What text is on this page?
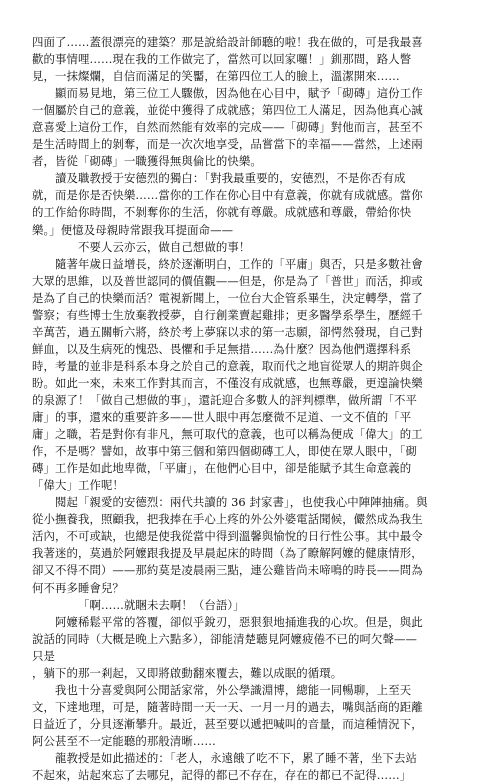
四面了……蓋很漂亮的建築？那是說給設計師聽的啦！我在做的，可是我最喜
歡的事情哩……現在我的工作做完了，當然可以回家囉！」釧那間，路人瞥
見，一抹燦爛，自信而滿足的笑靨，在第四位工人的臉上，溫潔開來……
顯而易見地，第三位工人驟傲，因為他在心目中，賦予「砌磚」這份工作
一個屬於自己的意義，並從中獲得了成就感；第四位工人滿足，因為他真心誠
意喜愛上這份工作，自然而然能有效率的完成——「砌磚」對他而言，甚至不
是生活時間上的剝奪，而是一次次地享受，品嘗當下的幸福——當然，上述兩
者，皆從「砌磚」一職獲得無與倫比的快樂。
讀及職教授于安德烈的獨白：「對我最重要的，安德烈，不是你否有成
就，而是你是否快樂……當你的工作在你心目中有意義，你就有成就感。當你
的工作給你時間，不剝奪你的生活，你就有尊嚴。成就感和尊嚴，帶給你快
樂。」便憶及母親時常跟我耳提面命——
不要人云亦云，做自己想做的事！
隨著年歲日益增長，終於逐漸明白，工作的「平庸」與否，只是多數社會
大眾的思維，以及普世認同的價值觀——但是，你是為了「普世」而活，抑或
是為了自己的快樂而活？電視新聞上，一位台大企管系畢生，決定轉學，當了
警察；有些博士生放棄教授夢，自行創業賣起雞排；更多醫學系學生，歷經千
辛萬苦，過五關斬六將，終於考上夢寐以求的第一志願，卻愕然發現，自己對
鮮血，以及生病死的愧恐、畏懼和手足無措……為什麼？因為他們選擇科系
時，考量的並非是科系本身之於自己的意義，取而代之地盲從眾人的期許與企
盼。如此一來，未來工作對其而言，不僅沒有成就感，也無尊嚴，更遑論快樂
的泉源了！「做自己想做的事」，還託迎合多數人的評判標準，做所謂「不平
庸」的事，還來的重要許多——世人眼中再怎麼微不足道、一文不值的「平
庸」之職，若是對你有非凡，無可取代的意義，也可以稱為便成「偉大」的工
作，不是嗎？譬如，故事中第三個和第四個砌磚工人，即使在眾人眼中，「砌
磚」工作是如此地卑微，「平庸」，在他們心目中，卻是能賦予其生命意義的
「偉大」工作呢！
閱起「親愛的安德烈：兩代共讀的 36 封家書」，也使我心中陣陣抽痛。與
從小撫養我，照顧我，把我捧在手心上疼的外公外婆電話聞候，儼然成為我生
活內，不可或缺，也總是使我從當中得到溫馨與愉悅的日行性公事。其中最令
我著迷的，莫過於阿嬤跟我提及早晨起床的時間（為了瞭解阿嬤的健康情形，
卻又不得不問）——那約莫是凌晨兩三點，連公雞皆尚未啼鳴的時長——問為
何不再多睡會兒？
「啊……就睏未去啊！（台語）」
阿嬤稀鬆平常的答覆，卻似乎銳刃，惡狠狠地捅進我的心坎。但是，與此
說話的同時（大概是晚上六點多），卻能清楚聽見阿嬤疲倦不已的呵欠聲——
只是
，躺下的那一剎起，又即將啟動翻來覆去，難以成眠的循環。
我也十分喜愛與阿公閒話家常，外公學識淵博，總能一同暢聊，上至天
文，下達地理，可是，隨著時間一天一天、一月一月的過去，嘴與話商的距離
日益近了，分貝逐漸攀升。最近，甚至要以遞把喊叫的音量，而這種情況下，
阿公甚至不一定能聽的那般清晰……
龍教授是如此描述的：「老人，永遠餓了吃不下，累了睡不著，坐下去站
不起來，站起來忘了去哪兒，記得的都已不存在，存在的都已不記得……」
